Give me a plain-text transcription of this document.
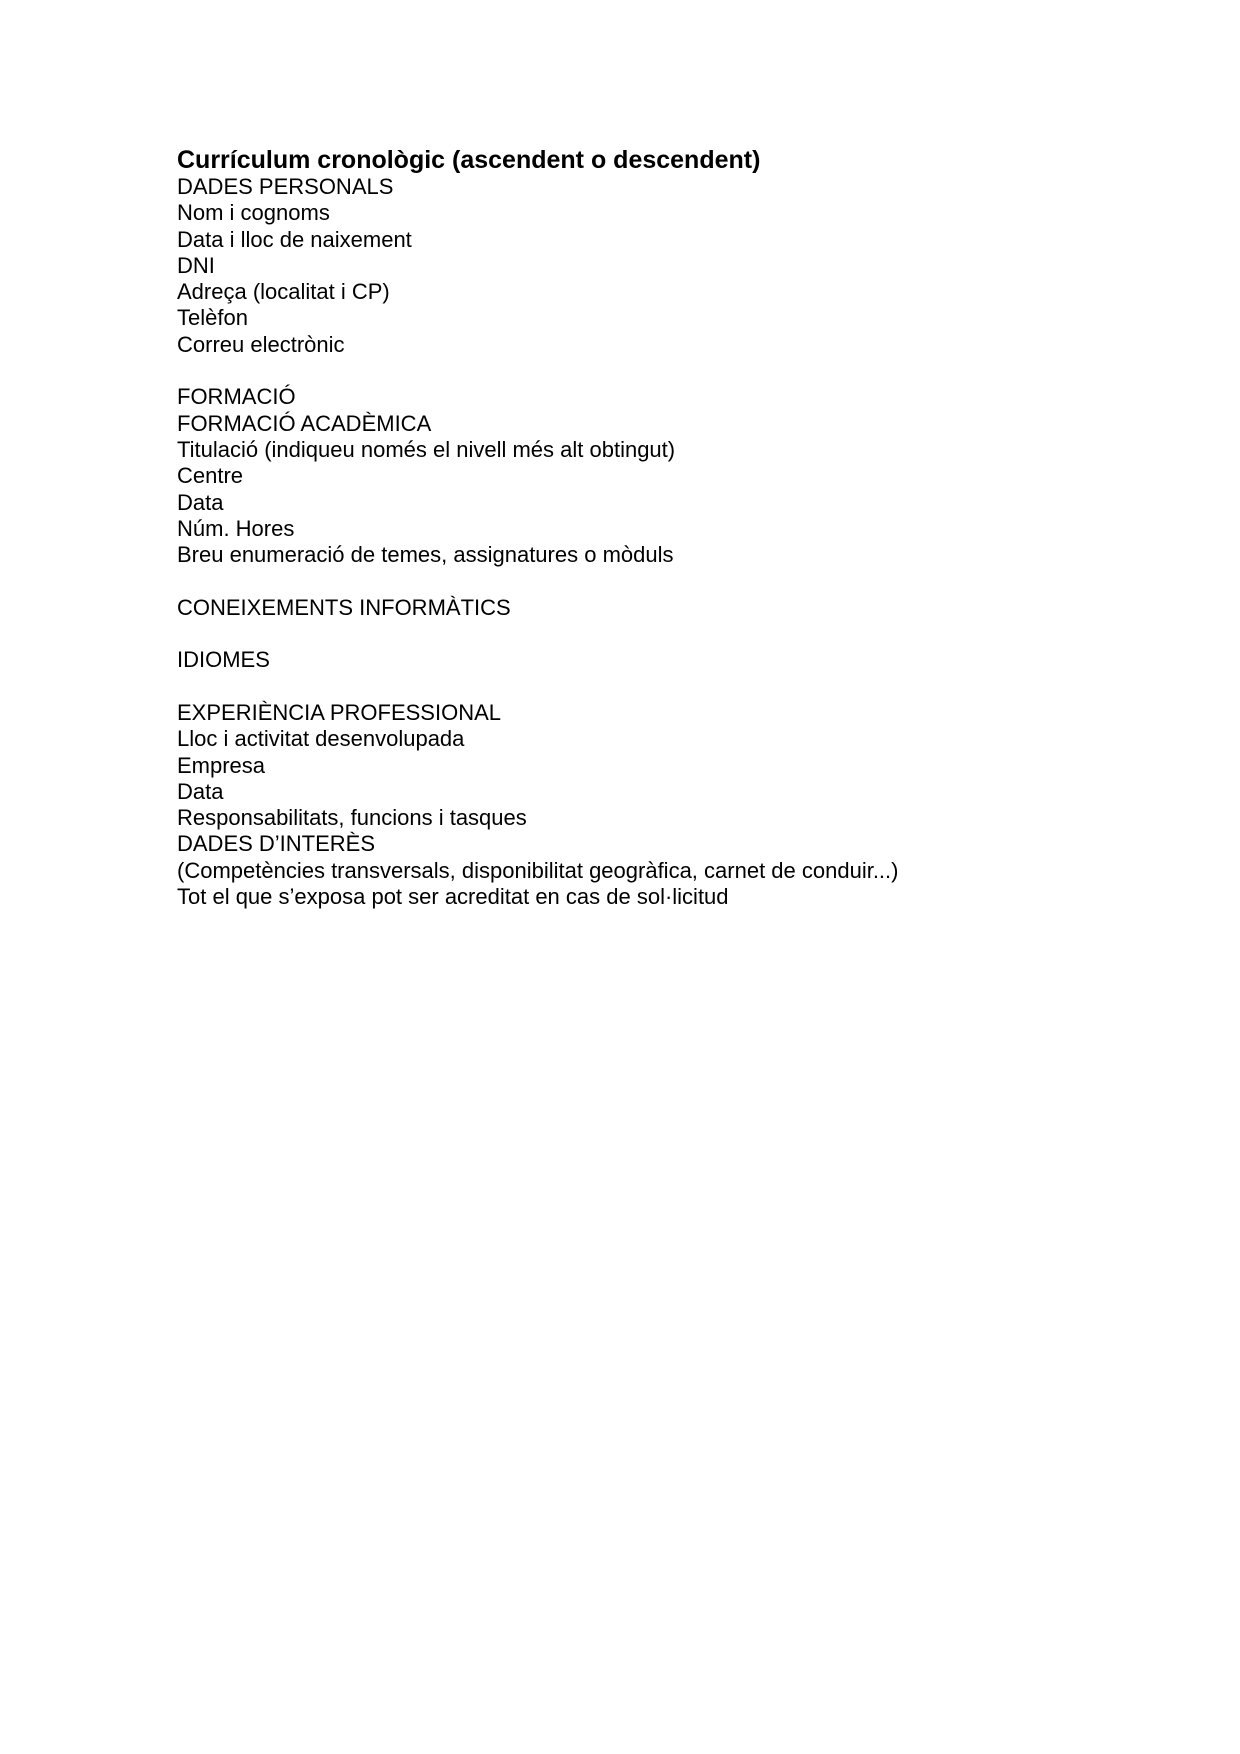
Currículum cronològic (ascendent o descendent)

DADES PERSONALS

Nom i cognoms

Data i lloc de naixement

DNI

Adreça (localitat i CP)

Telèfon

Correu electrònic

FORMACIÓ

FORMACIÓ ACADÈMICA

Titulació (indiqueu només el nivell més alt obtingut)

Centre

Data

Núm. Hores

Breu enumeració de temes, assignatures o mòduls

CONEIXEMENTS INFORMÀTICS

IDIOMES

EXPERIÈNCIA PROFESSIONAL

Lloc i activitat desenvolupada

Empresa

Data

Responsabilitats, funcions i tasques

DADES D’INTERÈS

(Competències transversals, disponibilitat geogràfica, carnet de conduir...)

Tot el que s’exposa pot ser acreditat en cas de sol·licitud
